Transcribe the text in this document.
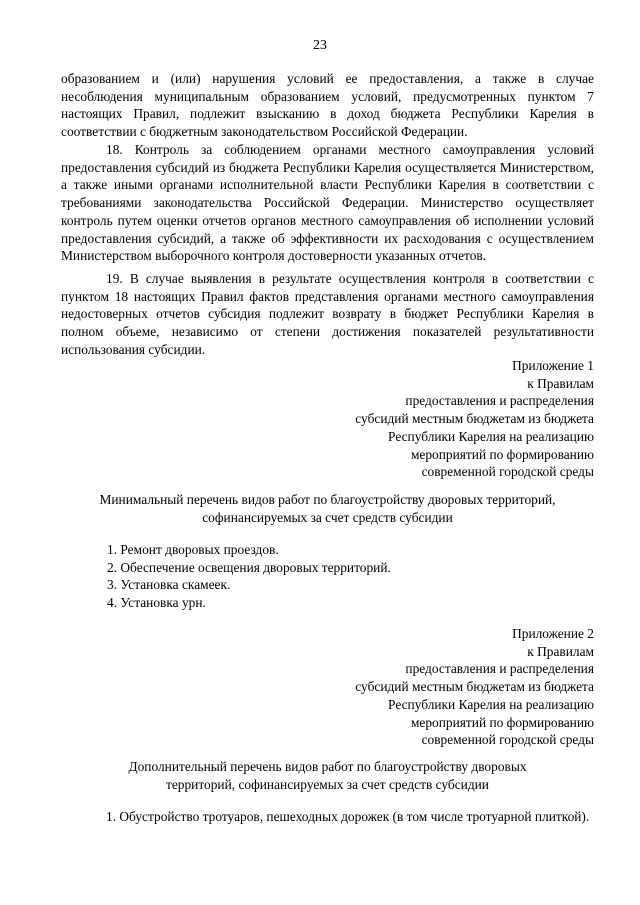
23

образованием и (или) нарушения условий ее предоставления, а также в случае несоблюдения муниципальным образованием условий, предусмотренных пунктом 7 настоящих Правил, подлежит взысканию в доход бюджета Республики Карелия в соответствии с бюджетным законодательством Российской Федерации.

18. Контроль за соблюдением органами местного самоуправления условий предоставления субсидий из бюджета Республики Карелия осуществляется Министерством, а также иными органами исполнительной власти Республики Карелия в соответствии с требованиями законодательства Российской Федерации. Министерство осуществляет контроль путем оценки отчетов органов местного самоуправления об исполнении условий предоставления субсидий, а также об эффективности их расходования с осуществлением Министерством выборочного контроля достоверности указанных отчетов.

19. В случае выявления в результате осуществления контроля в соответствии с пунктом 18 настоящих Правил фактов представления органами местного самоуправления недостоверных отчетов субсидия подлежит возврату в бюджет Республики Карелия в полном объеме, независимо от степени достижения показателей результативности использования субсидии.

Приложение 1
к Правилам
предоставления и распределения
субсидий местным бюджетам из бюджета
Республики Карелия на реализацию
мероприятий по формированию
современной городской среды
Минимальный перечень видов работ по благоустройству дворовых территорий,
софинансируемых за счет средств субсидии
1. Ремонт дворовых проездов.
2. Обеспечение освещения дворовых территорий.
3. Установка скамеек.
4. Установка урн.
Приложение 2
к Правилам
предоставления и распределения
субсидий местным бюджетам из бюджета
Республики Карелия на реализацию
мероприятий по формированию
современной городской среды
Дополнительный перечень видов работ по благоустройству дворовых
территорий, софинансируемых за счет средств субсидии

1. Обустройство тротуаров, пешеходных дорожек (в том числе тротуарной плиткой).
